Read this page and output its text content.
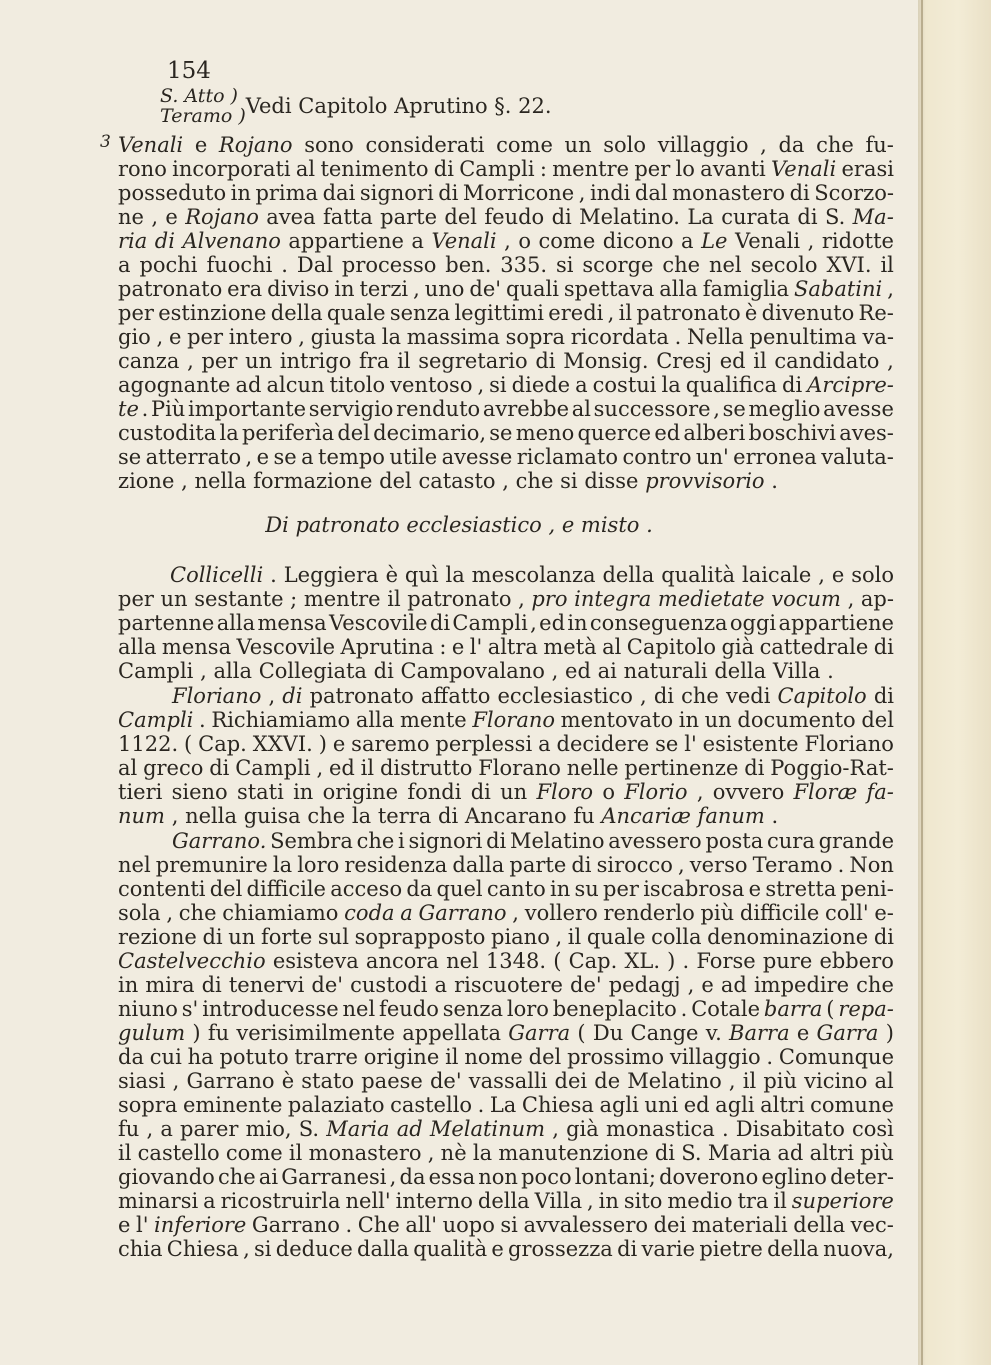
154
S. Atto )
Teramo ) Vedi Capitolo Aprutino §. 22.
3 Venali e Rojano sono considerati come un solo villaggio , da che fu-

rono incorporati al tenimento di Campli : mentre per lo avanti Venali erasi

posseduto in prima dai signori di Morricone , indi dal monastero di Scorzo-

ne , e Rojano avea fatta parte del feudo di Melatino. La curata di S. Ma-

ria di Alvenano appartiene a Venali , o come dicono a Le Venali , ridotte

a pochi fuochi . Dal processo ben. 335. si scorge che nel secolo XVI. il

patronato era diviso in terzi , uno de' quali spettava alla famiglia Sabatini ,

per estinzione della quale senza legittimi eredi , il patronato è divenuto Re-

gio , e per intero , giusta la massima sopra ricordata . Nella penultima va-

canza , per un intrigo fra il segretario di Monsig. Cresj ed il candidato ,

agognante ad alcun titolo ventoso , si diede a costui la qualifica di Arcipre-

te . Più importante servigio renduto avrebbe al successore , se meglio avesse

custodita la periferìa del decimario, se meno querce ed alberi boschivi aves-

se atterrato , e se a tempo utile avesse riclamato contro un' erronea valuta-

zione , nella formazione del catasto , che si disse provvisorio .

Collicelli . Leggiera è quì la mescolanza della qualità laicale , e solo

per un sestante ; mentre il patronato , pro integra medietate vocum , ap-

partenne alla mensa Vescovile di Campli , ed in conseguenza oggi appartiene

alla mensa Vescovile Aprutina : e l' altra metà al Capitolo già cattedrale di

Campli , alla Collegiata di Campovalano , ed ai naturali della Villa .

Floriano , di patronato affatto ecclesiastico , di che vedi Capitolo di

Campli . Richiamiamo alla mente Florano mentovato in un documento del

1122. ( Cap. XXVI. ) e saremo perplessi a decidere se l' esistente Floriano

al greco di Campli , ed il distrutto Florano nelle pertinenze di Poggio-Rat-

tieri sieno stati in origine fondi di un Floro o Florio , ovvero Floræ fa-

num , nella guisa che la terra di Ancarano fu Ancariæ fanum .

Garrano. Sembra che i signori di Melatino avessero posta cura grande

nel premunire la loro residenza dalla parte di sirocco , verso Teramo . Non

contenti del difficile acceso da quel canto in su per iscabrosa e stretta peni-

sola , che chiamiamo coda a Garrano , vollero renderlo più difficile coll' e-

rezione di un forte sul soprapposto piano , il quale colla denominazione di

Castelvecchio esisteva ancora nel 1348. ( Cap. XL. ) . Forse pure ebbero

in mira di tenervi de' custodi a riscuotere de' pedagj , e ad impedire che

niuno s' introducesse nel feudo senza loro beneplacito . Cotale barra ( repa-

gulum ) fu verisimilmente appellata Garra ( Du Cange v. Barra e Garra )

da cui ha potuto trarre origine il nome del prossimo villaggio . Comunque

siasi , Garrano è stato paese de' vassalli dei de Melatino , il più vicino al

sopra eminente palaziato castello . La Chiesa agli uni ed agli altri comune

fu , a parer mio, S. Maria ad Melatinum , già monastica . Disabitato così

il castello come il monastero , nè la manutenzione di S. Maria ad altri più

giovando che ai Garranesi , da essa non poco lontani; doverono eglino deter-

minarsi a ricostruirla nell' interno della Villa , in sito medio tra il superiore

e l' inferiore Garrano . Che all' uopo si avvalessero dei materiali della vec-

chia Chiesa , si deduce dalla qualità e grossezza di varie pietre della nuova,

Di patronato ecclesiastico , e misto .
